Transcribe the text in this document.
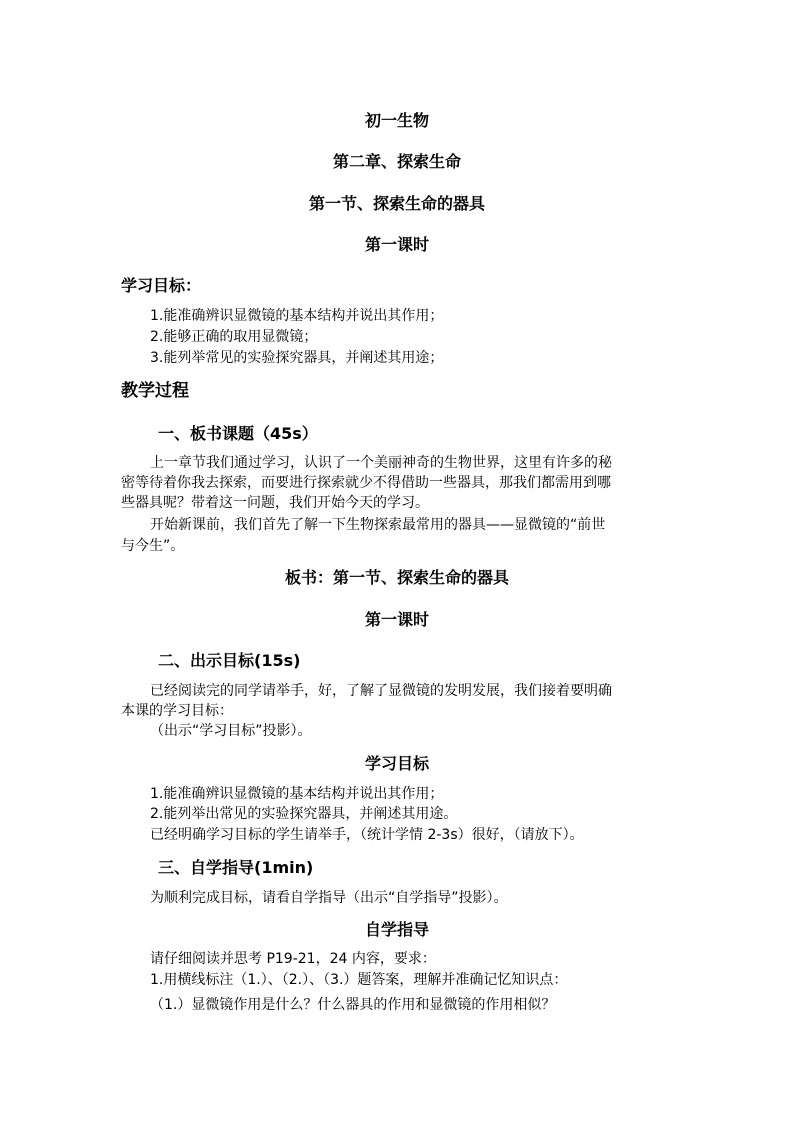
初一生物
第二章、探索生命
第一节、探索生命的器具
第一课时
学习目标：
1.能准确辨识显微镜的基本结构并说出其作用；
2.能够正确的取用显微镜；
3.能列举常见的实验探究器具，并阐述其用途；
教学过程
一、板书课题（45s）
上一章节我们通过学习，认识了一个美丽神奇的生物世界，这里有许多的秘
密等待着你我去探索，而要进行探索就少不得借助一些器具，那我们都需用到哪
些器具呢？带着这一问题，我们开始今天的学习。
开始新课前，我们首先了解一下生物探索最常用的器具——显微镜的“前世
与今生”。
板书：第一节、探索生命的器具
第一课时
二、出示目标(15s)
已经阅读完的同学请举手，好，了解了显微镜的发明发展，我们接着要明确
本课的学习目标：
（出示“学习目标”投影）。
学习目标
1.能准确辨识显微镜的基本结构并说出其作用；
2.能列举出常见的实验探究器具，并阐述其用途。
已经明确学习目标的学生请举手，（统计学情 2-3s）很好，（请放下）。
三、自学指导(1min)
为顺利完成目标，请看自学指导（出示“自学指导”投影）。
自学指导
请仔细阅读并思考 P19-21，24 内容，要求：
1.用横线标注（1.）、（2.）、（3.）题答案，理解并准确记忆知识点：
（1.）显微镜作用是什么？什么器具的作用和显微镜的作用相似？
